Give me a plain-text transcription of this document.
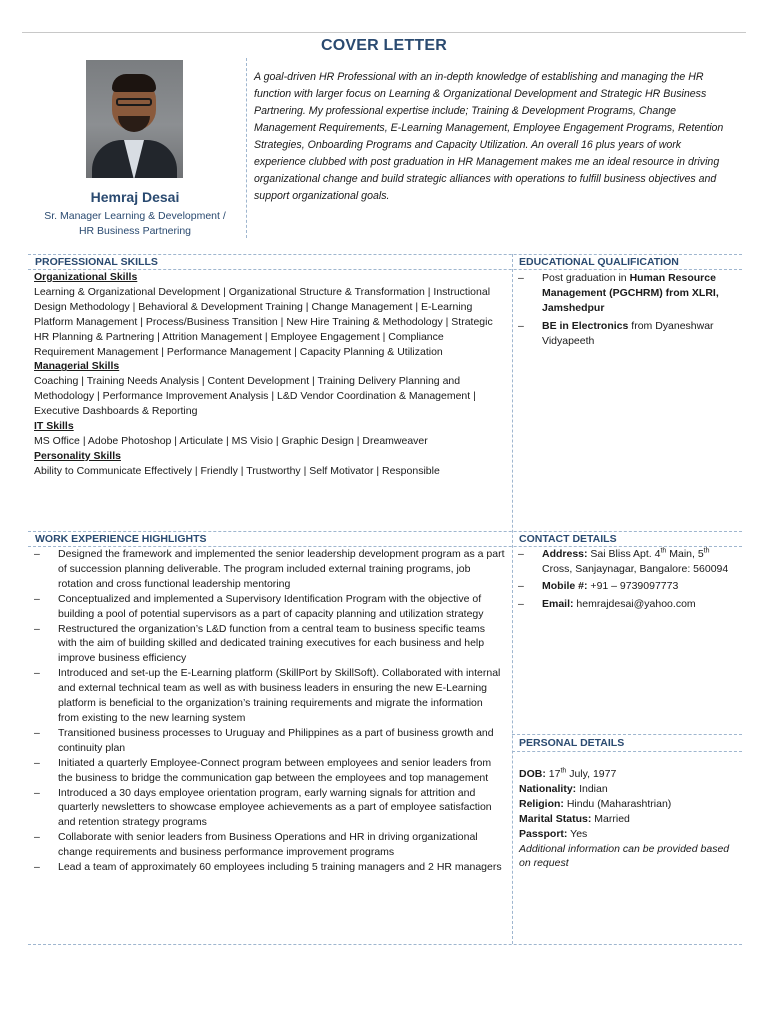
COVER LETTER
Hemraj Desai
Sr. Manager Learning & Development /
HR Business Partnering
A goal-driven HR Professional with an in-depth knowledge of establishing and managing the HR function with larger focus on Learning & Organizational Development and Strategic HR Business Partnering. My professional expertise include; Training & Development Programs, Change Management Requirements, E-Learning Management, Employee Engagement Programs, Retention Strategies, Onboarding Programs and Capacity Utilization. An overall 16 plus years of work experience clubbed with post graduation in HR Management makes me an ideal resource in driving organizational change and build strategic alliances with operations to fulfill business objectives and support organizational goals.
PROFESSIONAL SKILLS	EDUCATIONAL QUALIFICATION
WORK EXPERIENCE HIGHLIGHTS	CONTACT DETAILS
PERSONAL DETAILS
Organizational Skills
Learning & Organizational Development | Organizational Structure & Transformation | Instructional Design Methodology | Behavioral & Development Training | Change Management | E-Learning Platform Management | Process/Business Transition | New Hire Training & Methodology | Strategic HR Planning & Partnering | Attrition Management | Employee Engagement | Compliance Requirement Management | Performance Management | Capacity Planning & Utilization
Managerial Skills
Coaching | Training Needs Analysis | Content Development | Training Delivery Planning and Methodology | Performance Improvement Analysis | L&D Vendor Coordination & Management | Executive Dashboards & Reporting
IT Skills
MS Office | Adobe Photoshop | Articulate | MS Visio | Graphic Design | Dreamweaver
Personality Skills
Ability to Communicate Effectively | Friendly | Trustworthy | Self Motivator | Responsible
– Post graduation in Human Resource Management (PGCHRM) from XLRI, Jamshedpur
– BE in Electronics from Dyaneshwar Vidyapeeth
– Designed the framework and implemented the senior leadership development program as a part of succession planning deliverable. The program included external training programs, job rotation and cross functional leadership mentoring
– Conceptualized and implemented a Supervisory Identification Program with the objective of building a pool of potential supervisors as a part of capacity planning and utilization strategy
– Restructured the organization’s L&D function from a central team to business specific teams with the aim of building skilled and dedicated training executives for each business and help improve business efficiency
– Introduced and set-up the E-Learning platform (SkillPort by SkillSoft). Collaborated with internal and external technical team as well as with business leaders in ensuring the new E-Learning platform is beneficial to the organization’s training requirements and migrate the information from existing to the new learning system
– Transitioned business processes to Uruguay and Philippines as a part of business growth and continuity plan
– Initiated a quarterly Employee-Connect program between employees and senior leaders from the business to bridge the communication gap between the employees and top management
– Introduced a 30 days employee orientation program, early warning signals for attrition and quarterly newsletters to showcase employee achievements as a part of employee satisfaction and retention strategy programs
– Collaborate with senior leaders from Business Operations and HR in driving organizational change requirements and business performance improvement programs
– Lead a team of approximately 60 employees including 5 training managers and 2 HR managers
– Address: Sai Bliss Apt. 4th Main, 5th Cross, Sanjaynagar, Bangalore: 560094
– Mobile #: +91 – 9739097773
– Email: hemrajdesai@yahoo.com

DOB: 17th July, 1977

Nationality: Indian

Religion: Hindu (Maharashtrian)

Marital Status: Married

Passport: Yes

Additional information can be provided based on request
